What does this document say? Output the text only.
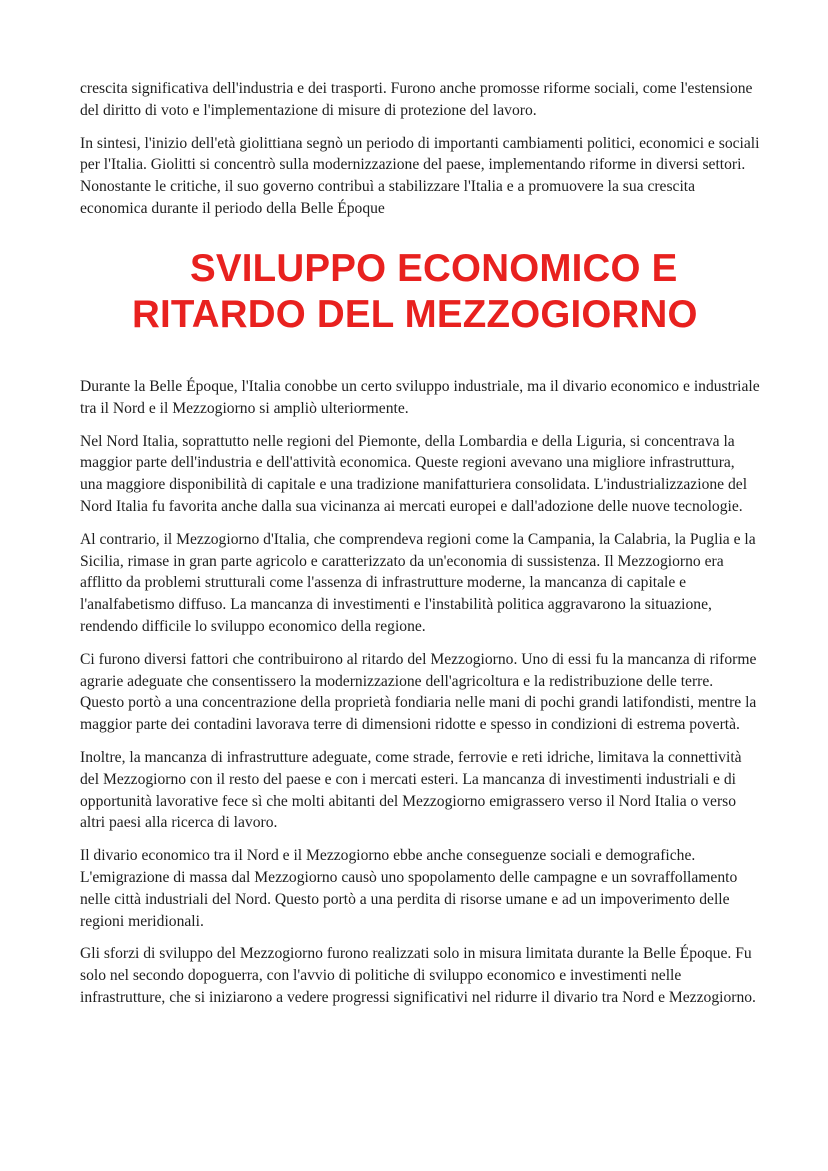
crescita significativa dell'industria e dei trasporti. Furono anche promosse riforme sociali, come l'estensione del diritto di voto e l'implementazione di misure di protezione del lavoro.

In sintesi, l'inizio dell'età giolittiana segnò un periodo di importanti cambiamenti politici, economici e sociali per l'Italia. Giolitti si concentrò sulla modernizzazione del paese, implementando riforme in diversi settori. Nonostante le critiche, il suo governo contribuì a stabilizzare l'Italia e a promuovere la sua crescita economica durante il periodo della Belle Époque

SVILUPPO ECONOMICO E
RITARDO DEL MEZZOGIORNO

Durante la Belle Époque, l'Italia conobbe un certo sviluppo industriale, ma il divario economico e industriale tra il Nord e il Mezzogiorno si ampliò ulteriormente.

Nel Nord Italia, soprattutto nelle regioni del Piemonte, della Lombardia e della Liguria, si concentrava la maggior parte dell'industria e dell'attività economica. Queste regioni avevano una migliore infrastruttura, una maggiore disponibilità di capitale e una tradizione manifatturiera consolidata. L'industrializzazione del Nord Italia fu favorita anche dalla sua vicinanza ai mercati europei e dall'adozione delle nuove tecnologie.

Al contrario, il Mezzogiorno d'Italia, che comprendeva regioni come la Campania, la Calabria, la Puglia e la Sicilia, rimase in gran parte agricolo e caratterizzato da un'economia di sussistenza. Il Mezzogiorno era afflitto da problemi strutturali come l'assenza di infrastrutture moderne, la mancanza di capitale e l'analfabetismo diffuso. La mancanza di investimenti e l'instabilità politica aggravarono la situazione, rendendo difficile lo sviluppo economico della regione.

Ci furono diversi fattori che contribuirono al ritardo del Mezzogiorno. Uno di essi fu la mancanza di riforme agrarie adeguate che consentissero la modernizzazione dell'agricoltura e la redistribuzione delle terre. Questo portò a una concentrazione della proprietà fondiaria nelle mani di pochi grandi latifondisti, mentre la maggior parte dei contadini lavorava terre di dimensioni ridotte e spesso in condizioni di estrema povertà.

Inoltre, la mancanza di infrastrutture adeguate, come strade, ferrovie e reti idriche, limitava la connettività del Mezzogiorno con il resto del paese e con i mercati esteri. La mancanza di investimenti industriali e di opportunità lavorative fece sì che molti abitanti del Mezzogiorno emigrassero verso il Nord Italia o verso altri paesi alla ricerca di lavoro.

Il divario economico tra il Nord e il Mezzogiorno ebbe anche conseguenze sociali e demografiche. L'emigrazione di massa dal Mezzogiorno causò uno spopolamento delle campagne e un sovraffollamento nelle città industriali del Nord. Questo portò a una perdita di risorse umane e ad un impoverimento delle regioni meridionali.

Gli sforzi di sviluppo del Mezzogiorno furono realizzati solo in misura limitata durante la Belle Époque. Fu solo nel secondo dopoguerra, con l'avvio di politiche di sviluppo economico e investimenti nelle infrastrutture, che si iniziarono a vedere progressi significativi nel ridurre il divario tra Nord e Mezzogiorno.
